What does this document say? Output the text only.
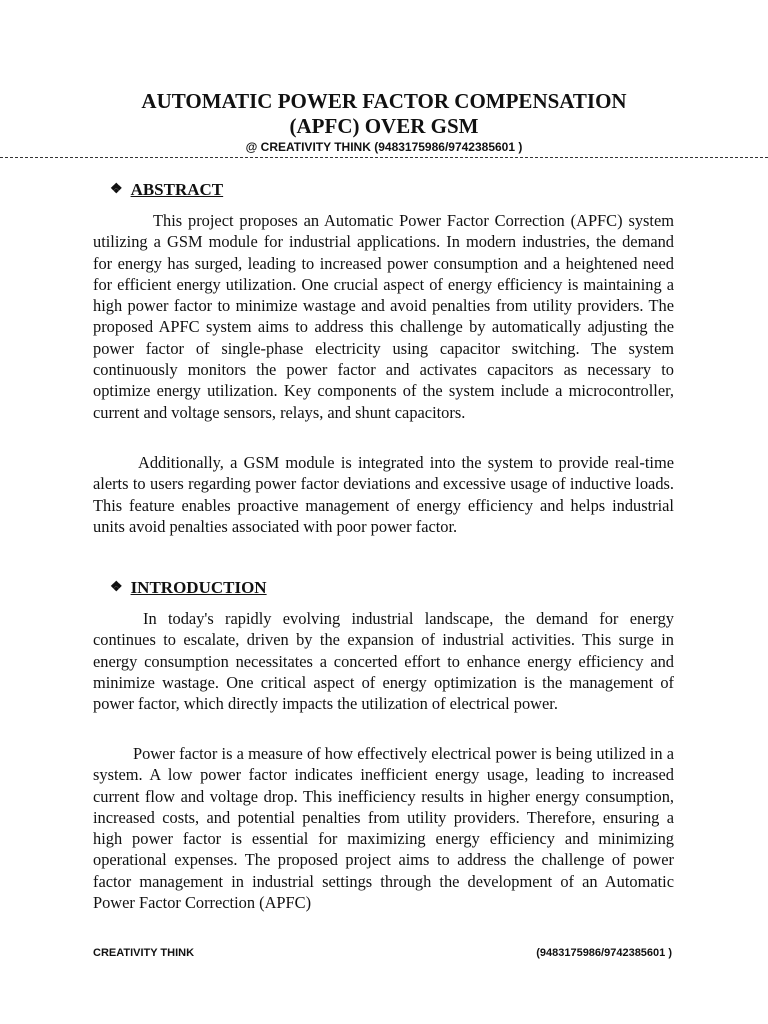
AUTOMATIC POWER FACTOR COMPENSATION
(APFC) OVER GSM
@ CREATIVITY THINK (9483175986/9742385601 )
❖ ABSTRACT

This project proposes an Automatic Power Factor Correction (APFC) system utilizing a GSM module for industrial applications. In modern industries, the demand for energy has surged, leading to increased power consumption and a heightened need for efficient energy utilization. One crucial aspect of energy efficiency is maintaining a high power factor to minimize wastage and avoid penalties from utility providers. The proposed APFC system aims to address this challenge by automatically adjusting the power factor of single-phase electricity using capacitor switching. The system continuously monitors the power factor and activates capacitors as necessary to optimize energy utilization. Key components of the system include a microcontroller, current and voltage sensors, relays, and shunt capacitors.

Additionally, a GSM module is integrated into the system to provide real-time alerts to users regarding power factor deviations and excessive usage of inductive loads. This feature enables proactive management of energy efficiency and helps industrial units avoid penalties associated with poor power factor.

❖ INTRODUCTION

In today's rapidly evolving industrial landscape, the demand for energy continues to escalate, driven by the expansion of industrial activities. This surge in energy consumption necessitates a concerted effort to enhance energy efficiency and minimize wastage. One critical aspect of energy optimization is the management of power factor, which directly impacts the utilization of electrical power.

Power factor is a measure of how effectively electrical power is being utilized in a system. A low power factor indicates inefficient energy usage, leading to increased current flow and voltage drop. This inefficiency results in higher energy consumption, increased costs, and potential penalties from utility providers. Therefore, ensuring a high power factor is essential for maximizing energy efficiency and minimizing operational expenses. The proposed project aims to address the challenge of power factor management in industrial settings through the development of an Automatic Power Factor Correction (APFC)

CREATIVITY THINK	(9483175986/9742385601 )
